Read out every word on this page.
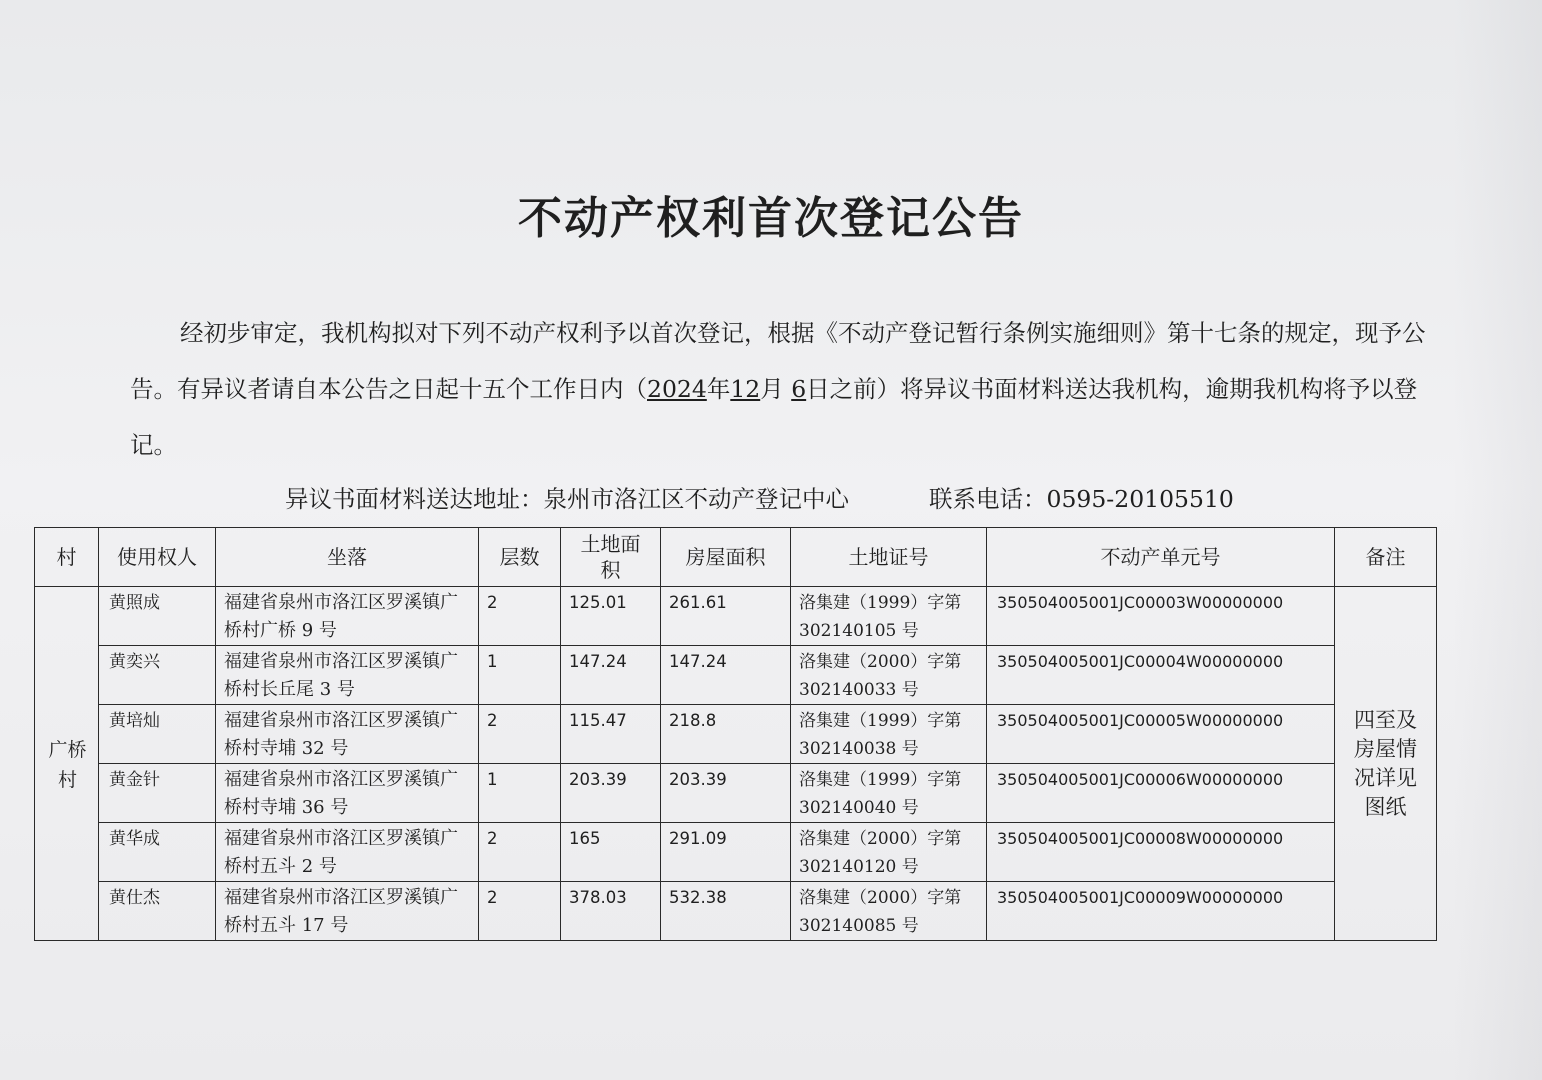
不动产权利首次登记公告

经初步审定，我机构拟对下列不动产权利予以首次登记，根据《不动产登记暂行条例实施细则》第十七条的规定，现予公告。有异议者请自本公告之日起十五个工作日内（2024年12月 6日之前）将异议书面材料送达我机构，逾期我机构将予以登记。

异议书面材料送达地址：泉州市洛江区不动产登记中心	联系电话：0595-20105510
村	使用权人	坐落	层数	土地面积	房屋面积	土地证号	不动产单元号	备注
广桥村	黄照成	福建省泉州市洛江区罗溪镇广桥村广桥 9 号	2	125.01	261.61	洛集建（1999）字第 302140105 号	350504005001JC00003W00000000	四至及房屋情况详见图纸
	黄奕兴	福建省泉州市洛江区罗溪镇广桥村长丘尾 3 号	1	147.24	147.24	洛集建（2000）字第 302140033 号	350504005001JC00004W00000000	
	黄培灿	福建省泉州市洛江区罗溪镇广桥村寺埔 32 号	2	115.47	218.8	洛集建（1999）字第 302140038 号	350504005001JC00005W00000000	
	黄金针	福建省泉州市洛江区罗溪镇广桥村寺埔 36 号	1	203.39	203.39	洛集建（1999）字第 302140040 号	350504005001JC00006W00000000	
	黄华成	福建省泉州市洛江区罗溪镇广桥村五斗 2 号	2	165	291.09	洛集建（2000）字第 302140120 号	350504005001JC00008W00000000	
	黄仕杰	福建省泉州市洛江区罗溪镇广桥村五斗 17 号	2	378.03	532.38	洛集建（2000）字第 302140085 号	350504005001JC00009W00000000	
